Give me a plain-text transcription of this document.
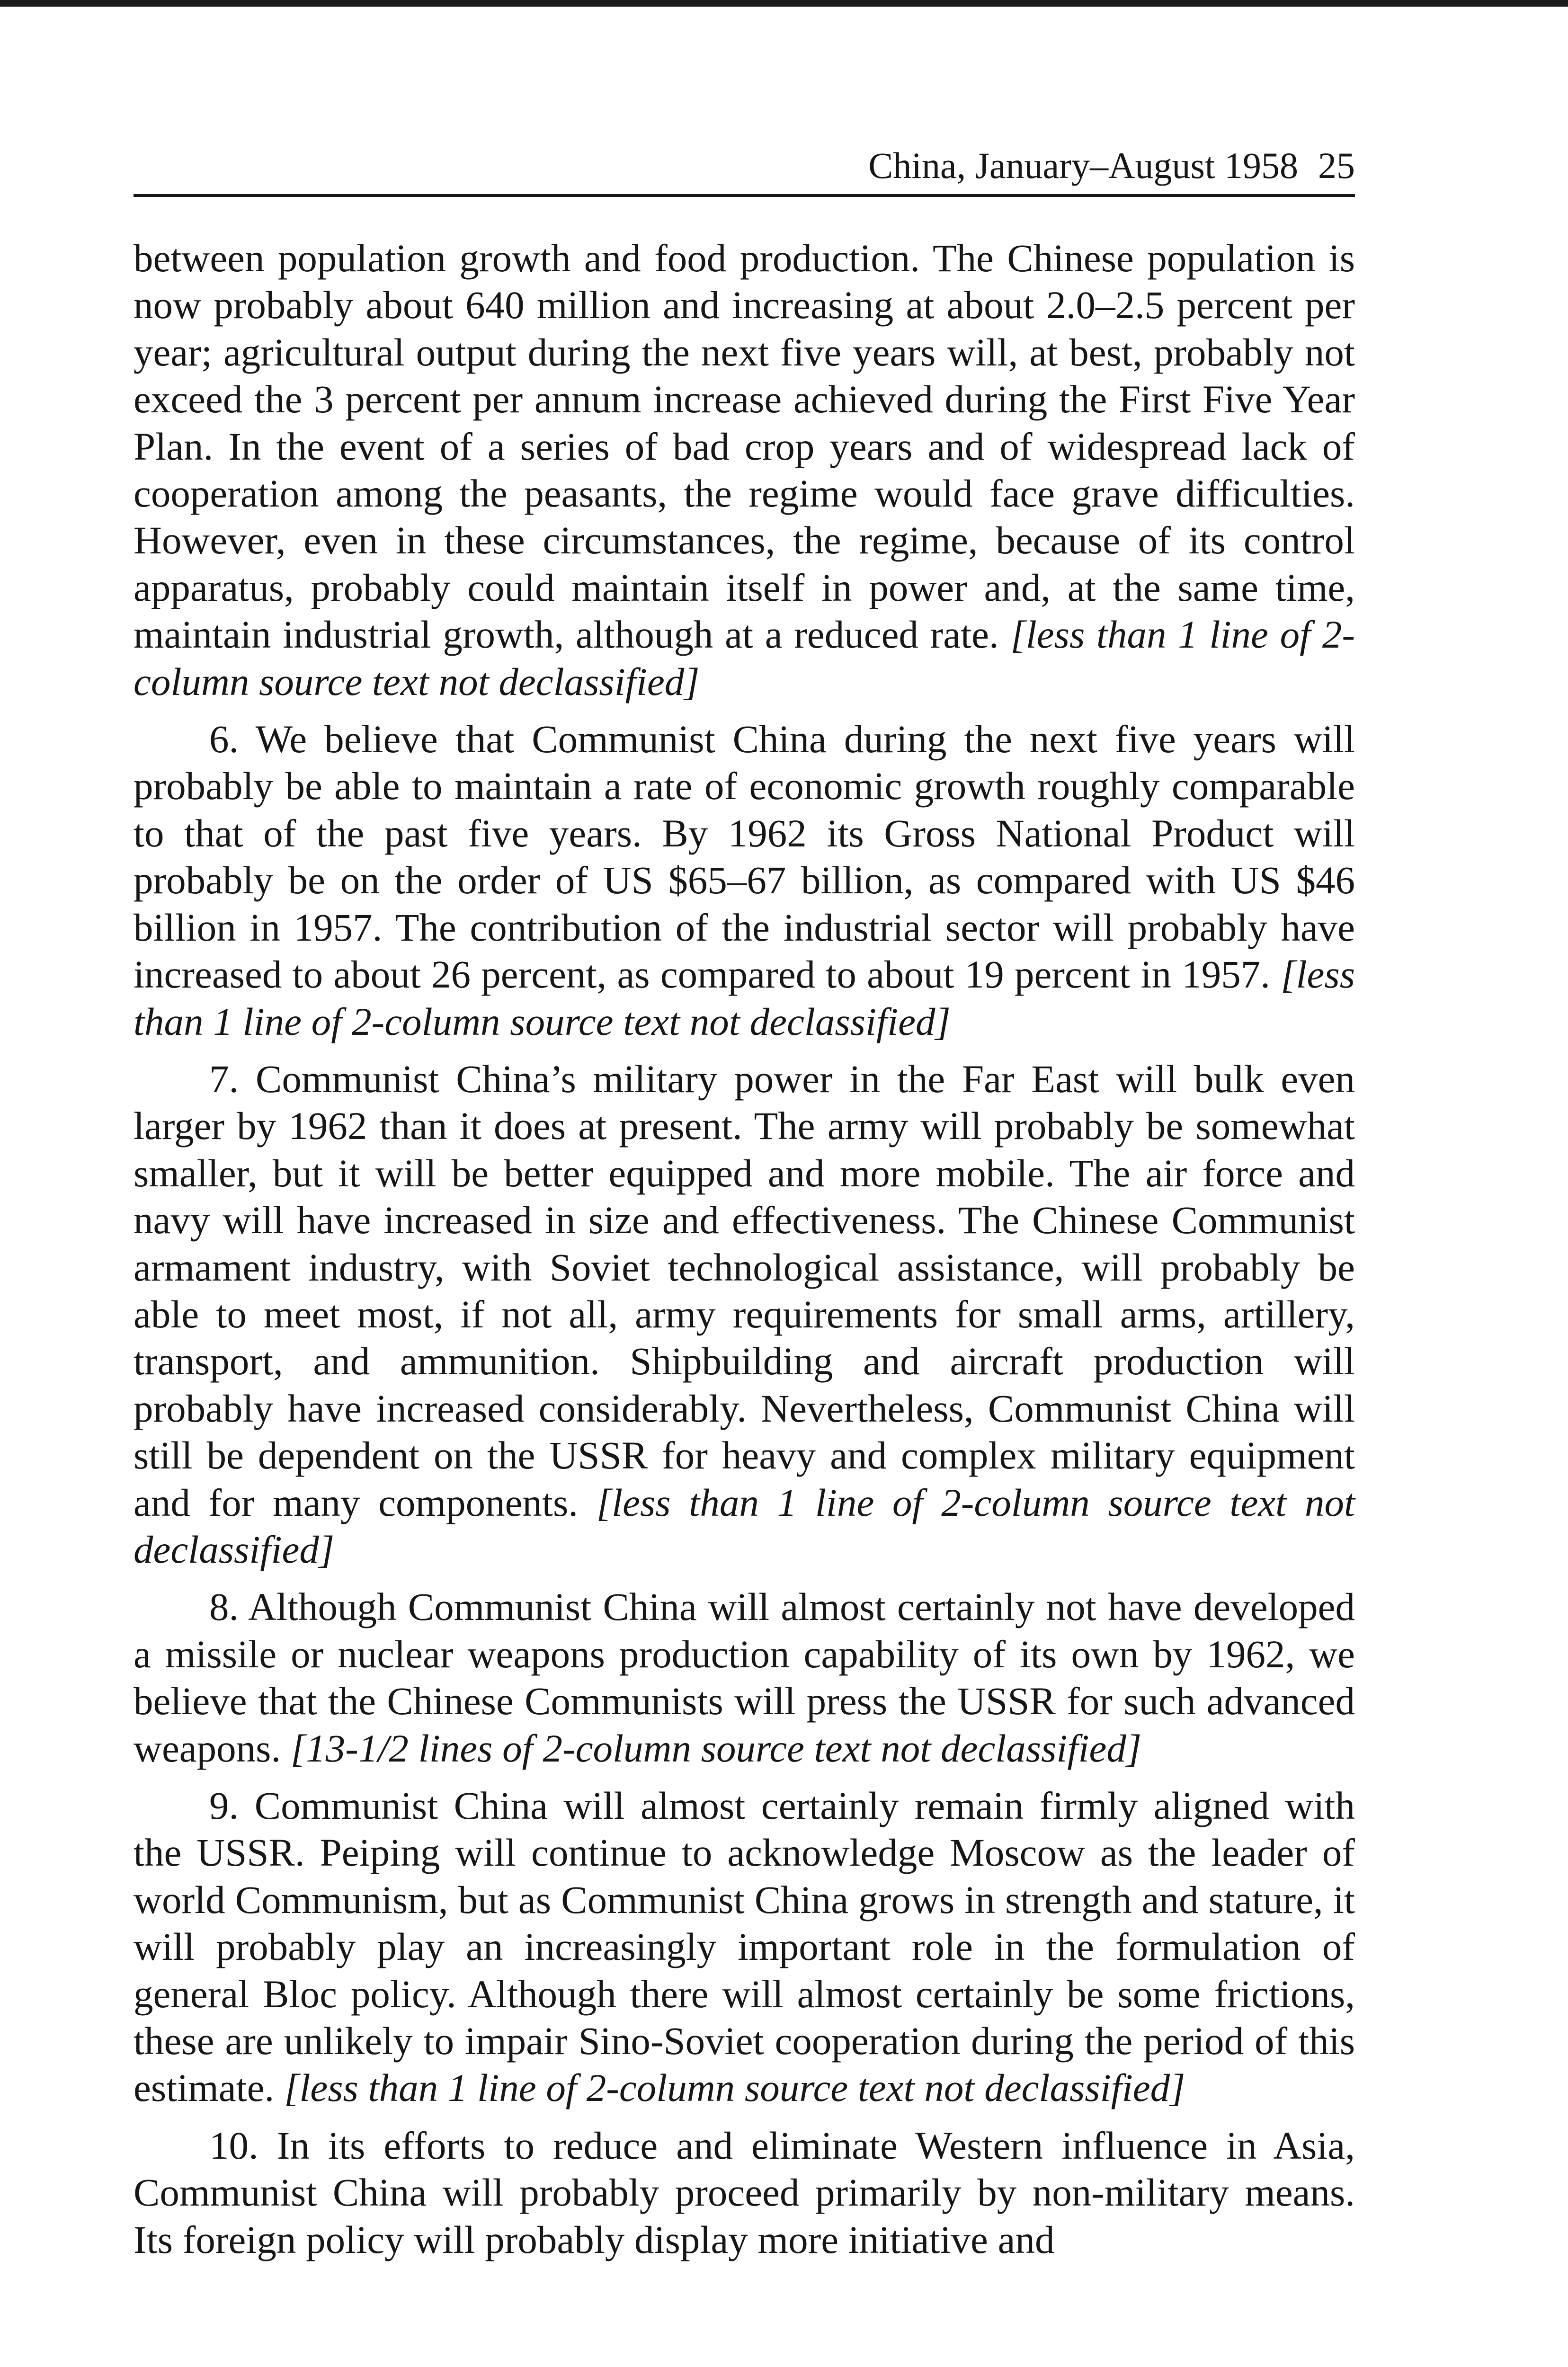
China, January–August 1958 25

between population growth and food production. The Chinese population is now probably about 640 million and increasing at about 2.0–2.5 percent per year; agricultural output during the next five years will, at best, probably not exceed the 3 percent per annum increase achieved during the First Five Year Plan. In the event of a series of bad crop years and of widespread lack of cooperation among the peasants, the regime would face grave difficulties. However, even in these circumstances, the regime, because of its control apparatus, probably could maintain itself in power and, at the same time, maintain industrial growth, although at a reduced rate. [less than 1 line of 2-column source text not declassified]

6. We believe that Communist China during the next five years will probably be able to maintain a rate of economic growth roughly comparable to that of the past five years. By 1962 its Gross National Product will probably be on the order of US $65–67 billion, as compared with US $46 billion in 1957. The contribution of the industrial sector will probably have increased to about 26 percent, as compared to about 19 percent in 1957. [less than 1 line of 2-column source text not declassified]

7. Communist China’s military power in the Far East will bulk even larger by 1962 than it does at present. The army will probably be somewhat smaller, but it will be better equipped and more mobile. The air force and navy will have increased in size and effectiveness. The Chinese Communist armament industry, with Soviet technological assistance, will probably be able to meet most, if not all, army requirements for small arms, artillery, transport, and ammunition. Shipbuilding and aircraft production will probably have increased considerably. Nevertheless, Communist China will still be dependent on the USSR for heavy and complex military equipment and for many components. [less than 1 line of 2-column source text not declassified]

8. Although Communist China will almost certainly not have developed a missile or nuclear weapons production capability of its own by 1962, we believe that the Chinese Communists will press the USSR for such advanced weapons. [13-1/2 lines of 2-column source text not declassified]

9. Communist China will almost certainly remain firmly aligned with the USSR. Peiping will continue to acknowledge Moscow as the leader of world Communism, but as Communist China grows in strength and stature, it will probably play an increasingly important role in the formulation of general Bloc policy. Although there will almost certainly be some frictions, these are unlikely to impair Sino-Soviet cooperation during the period of this estimate. [less than 1 line of 2-column source text not declassified]

10. In its efforts to reduce and eliminate Western influence in Asia, Communist China will probably proceed primarily by non-military means. Its foreign policy will probably display more initiative and
